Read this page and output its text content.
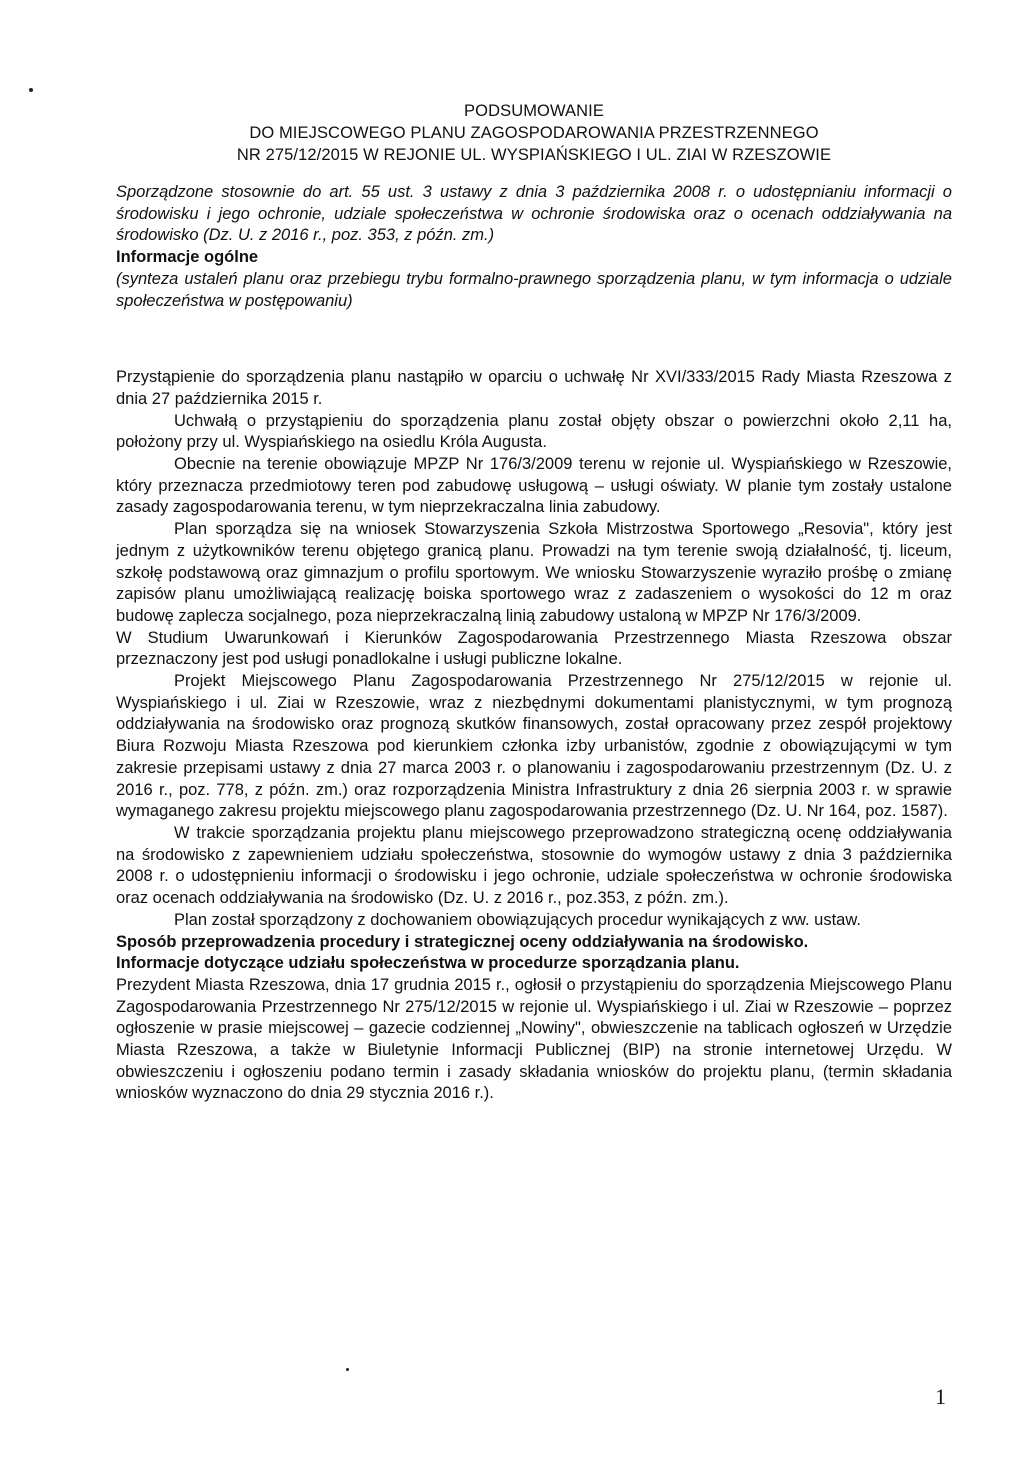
PODSUMOWANIE

DO MIEJSCOWEGO PLANU ZAGOSPODAROWANIA PRZESTRZENNEGO

NR 275/12/2015 W REJONIE UL. WYSPIAŃSKIEGO I UL. ZIAI W RZESZOWIE

Sporządzone stosownie do art. 55 ust. 3 ustawy z dnia 3 października 2008 r. o udostępnianiu informacji o środowisku i jego ochronie, udziale społeczeństwa w ochronie środowiska oraz o ocenach oddziaływania na środowisko (Dz. U. z 2016 r., poz. 353, z późn. zm.)

Informacje ogólne

(synteza ustaleń planu oraz przebiegu trybu formalno-prawnego sporządzenia planu, w tym informacja o udziale społeczeństwa w postępowaniu)

Przystąpienie do sporządzenia planu nastąpiło w oparciu o uchwałę Nr XVI/333/2015 Rady Miasta Rzeszowa z dnia 27 października 2015 r.

Uchwałą o przystąpieniu do sporządzenia planu został objęty obszar o powierzchni około 2,11 ha, położony przy ul. Wyspiańskiego na osiedlu Króla Augusta.

Obecnie na terenie obowiązuje MPZP Nr 176/3/2009 terenu w rejonie ul. Wyspiańskiego w Rzeszowie, który przeznacza przedmiotowy teren pod zabudowę usługową – usługi oświaty. W planie tym zostały ustalone zasady zagospodarowania terenu, w tym nieprzekraczalna linia zabudowy.

Plan sporządza się na wniosek Stowarzyszenia Szkoła Mistrzostwa Sportowego „Resovia", który jest jednym z użytkowników terenu objętego granicą planu. Prowadzi na tym terenie swoją działalność, tj. liceum, szkołę podstawową oraz gimnazjum o profilu sportowym. We wniosku Stowarzyszenie wyraziło prośbę o zmianę zapisów planu umożliwiającą realizację boiska sportowego wraz z zadaszeniem o wysokości do 12 m oraz budowę zaplecza socjalnego, poza nieprzekraczalną linią zabudowy ustaloną w MPZP Nr 176/3/2009.

W Studium Uwarunkowań i Kierunków Zagospodarowania Przestrzennego Miasta Rzeszowa obszar przeznaczony jest pod usługi ponadlokalne i usługi publiczne lokalne.

Projekt Miejscowego Planu Zagospodarowania Przestrzennego Nr 275/12/2015 w rejonie ul. Wyspiańskiego i ul. Ziai w Rzeszowie, wraz z niezbędnymi dokumentami planistycznymi, w tym prognozą oddziaływania na środowisko oraz prognozą skutków finansowych, został opracowany przez zespół projektowy Biura Rozwoju Miasta Rzeszowa pod kierunkiem członka izby urbanistów, zgodnie z obowiązującymi w tym zakresie przepisami ustawy z dnia 27 marca 2003 r. o planowaniu i zagospodarowaniu przestrzennym (Dz. U. z 2016 r., poz. 778, z późn. zm.) oraz rozporządzenia Ministra Infrastruktury z dnia 26 sierpnia 2003 r. w sprawie wymaganego zakresu projektu miejscowego planu zagospodarowania przestrzennego (Dz. U. Nr 164, poz. 1587).

W trakcie sporządzania projektu planu miejscowego przeprowadzono strategiczną ocenę oddziaływania na środowisko z zapewnieniem udziału społeczeństwa, stosownie do wymogów ustawy z dnia 3 października 2008 r. o udostępnieniu informacji o środowisku i jego ochronie, udziale społeczeństwa w ochronie środowiska oraz ocenach oddziaływania na środowisko (Dz. U. z 2016 r., poz.353, z późn. zm.).

Plan został sporządzony z dochowaniem obowiązujących procedur wynikających z ww. ustaw.

Sposób przeprowadzenia procedury i strategicznej oceny oddziaływania na środowisko.

Informacje dotyczące udziału społeczeństwa w procedurze sporządzania planu.

Prezydent Miasta Rzeszowa, dnia 17 grudnia 2015 r., ogłosił o przystąpieniu do sporządzenia Miejscowego Planu Zagospodarowania Przestrzennego Nr 275/12/2015 w rejonie ul. Wyspiańskiego i ul. Ziai w Rzeszowie – poprzez ogłoszenie w prasie miejscowej – gazecie codziennej „Nowiny", obwieszczenie na tablicach ogłoszeń w Urzędzie Miasta Rzeszowa, a także w Biuletynie Informacji Publicznej (BIP) na stronie internetowej Urzędu. W obwieszczeniu i ogłoszeniu podano termin i zasady składania wniosków do projektu planu, (termin składania wniosków wyznaczono do dnia 29 stycznia 2016 r.).

1
